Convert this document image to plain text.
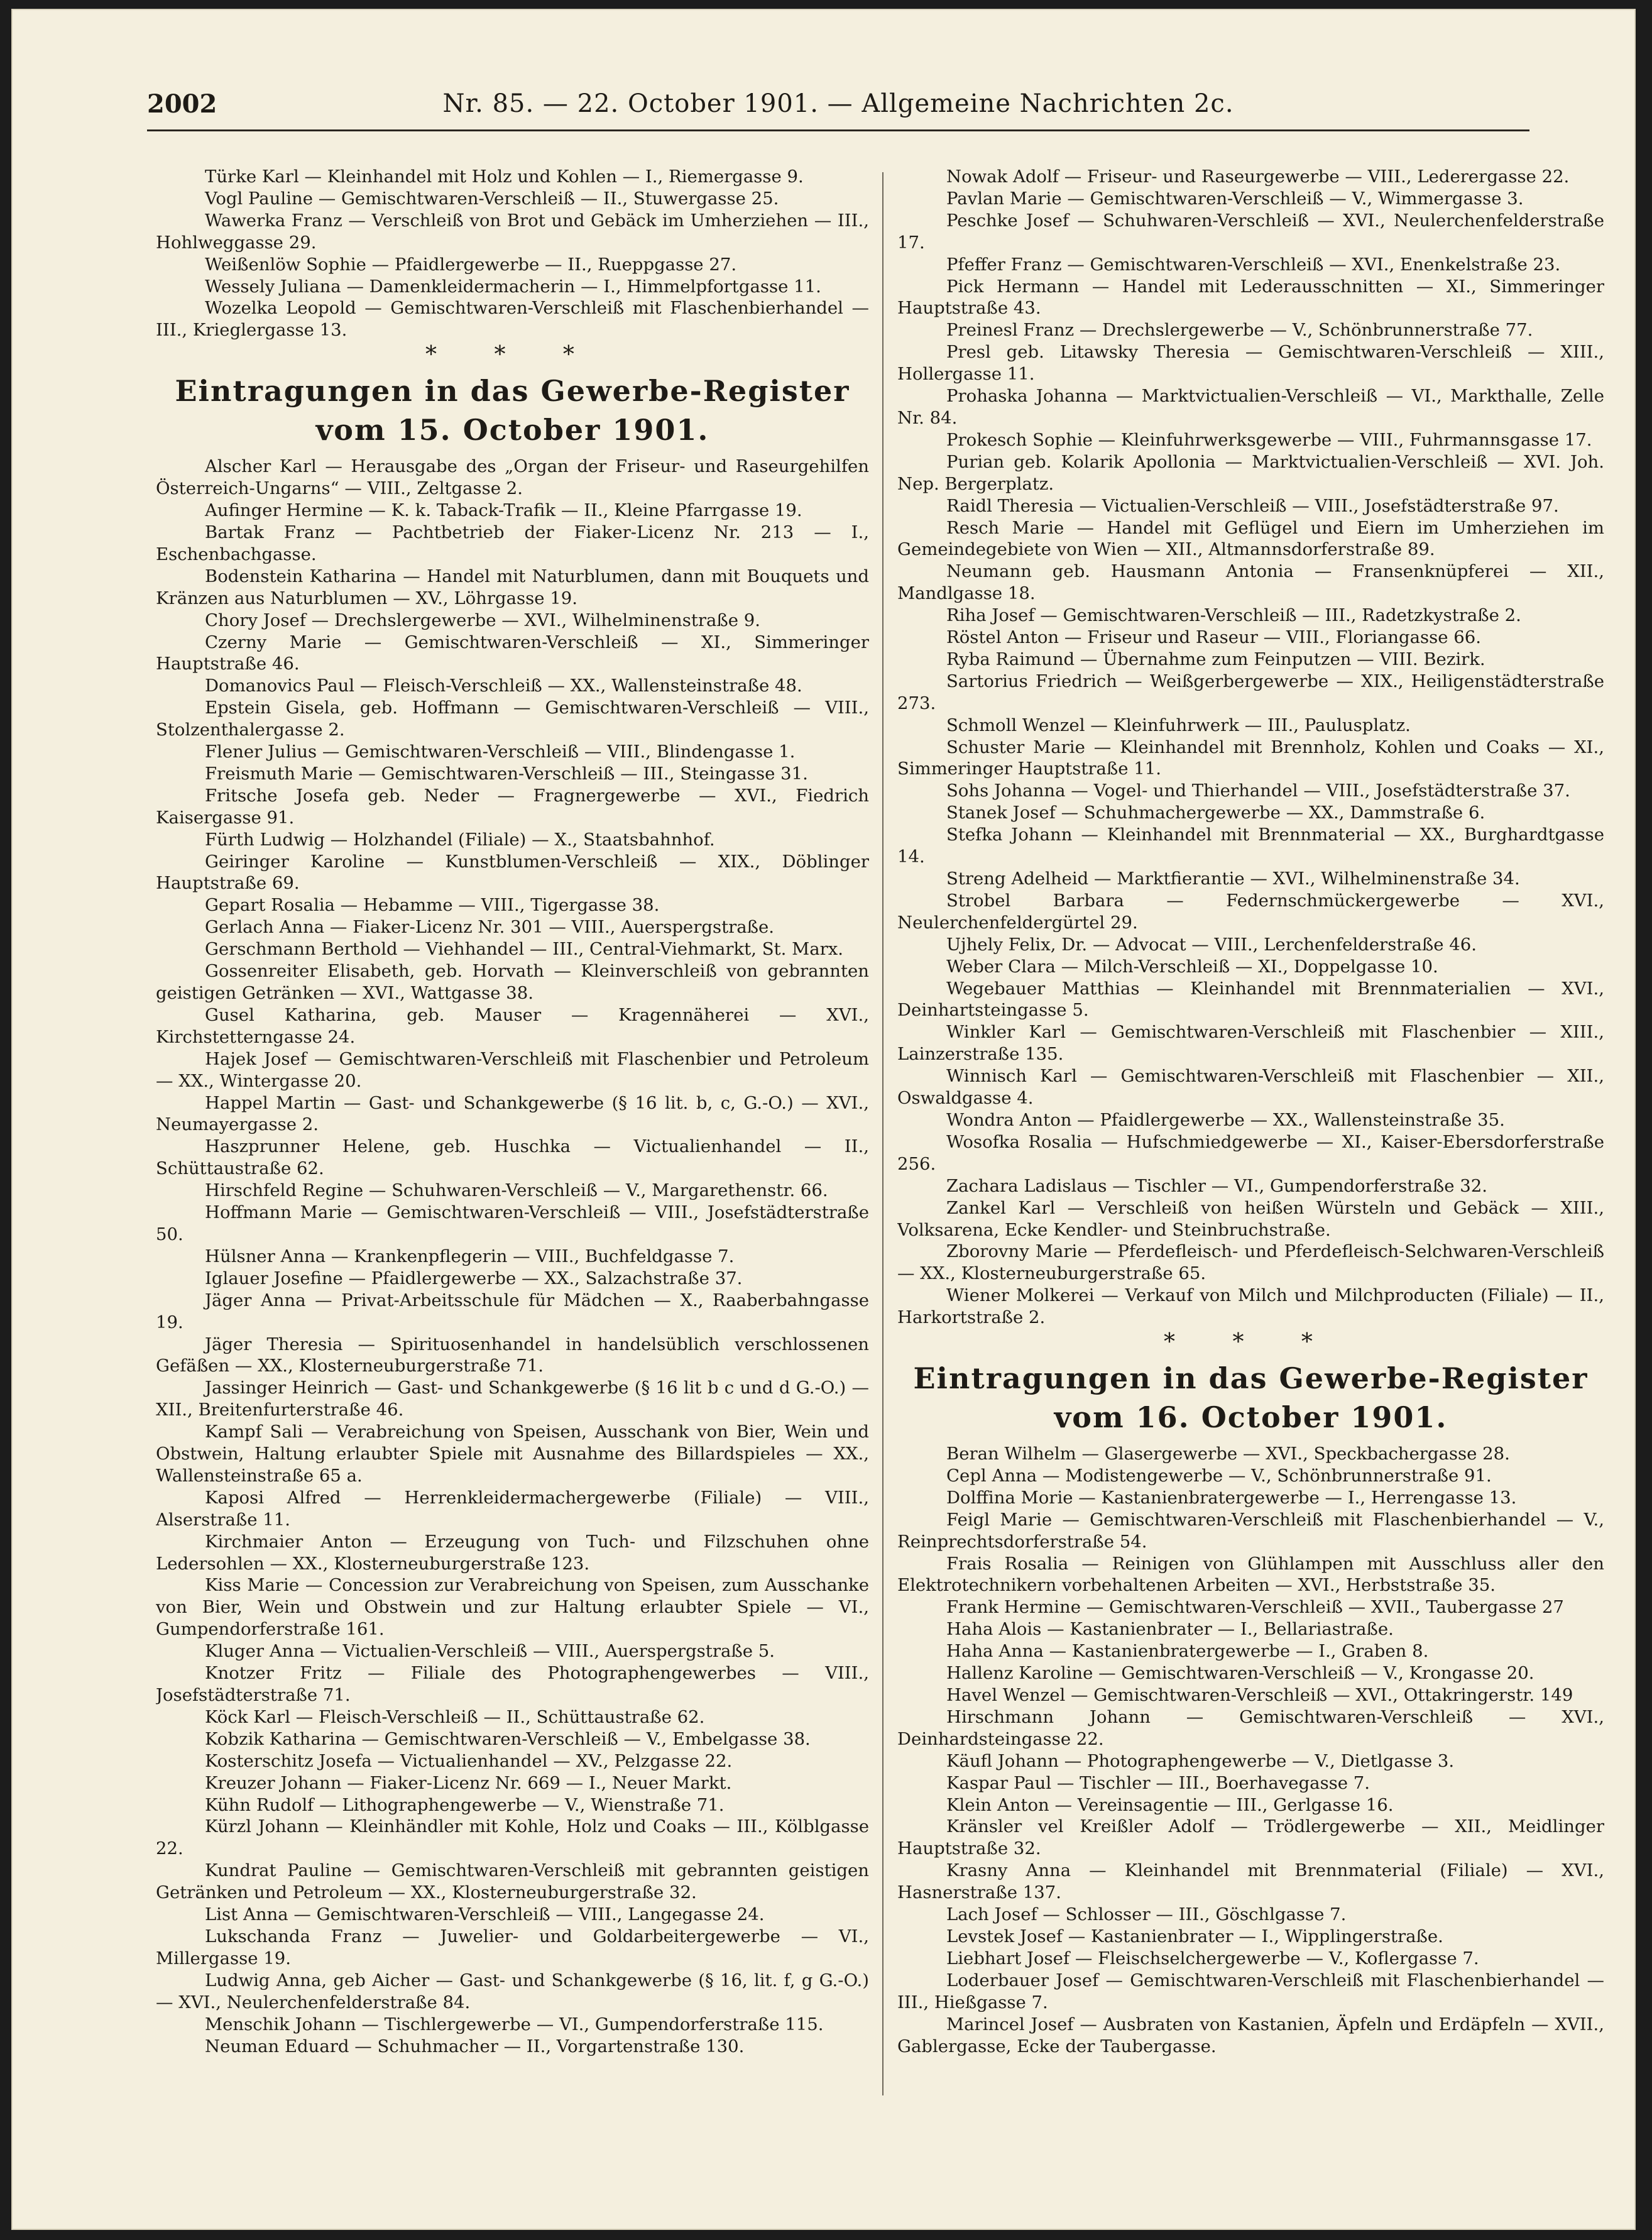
2002	Nr. 85. — 22. October 1901. — Allgemeine Nachrichten 2c.

Türke Karl — Kleinhandel mit Holz und Kohlen — I., Riemergasse 9.

Vogl Pauline — Gemischtwaren-Verschleiß — II., Stuwergasse 25.

Wawerka Franz — Verschleiß von Brot und Gebäck im Umherziehen — III., Hohlweggasse 29.

Weißenlöw Sophie — Pfaidlergewerbe — II., Rueppgasse 27.

Wessely Juliana — Damenkleidermacherin — I., Himmelpfortgasse 11.

Wozelka Leopold — Gemischtwaren-Verschleiß mit Flaschenbierhandel — III., Krieglergasse 13.

* * *

Eintragungen in das Gewerbe-Register
vom 15. October 1901.

Alscher Karl — Herausgabe des „Organ der Friseur- und Raseurgehilfen Österreich-Ungarns“ — VIII., Zeltgasse 2.

Aufinger Hermine — K. k. Taback-Trafik — II., Kleine Pfarrgasse 19.

Bartak Franz — Pachtbetrieb der Fiaker-Licenz Nr. 213 — I., Eschenbachgasse.

Bodenstein Katharina — Handel mit Naturblumen, dann mit Bouquets und Kränzen aus Naturblumen — XV., Löhrgasse 19.

Chory Josef — Drechslergewerbe — XVI., Wilhelminenstraße 9.

Czerny Marie — Gemischtwaren-Verschleiß — XI., Simmeringer Hauptstraße 46.

Domanovics Paul — Fleisch-Verschleiß — XX., Wallensteinstraße 48.

Epstein Gisela, geb. Hoffmann — Gemischtwaren-Verschleiß — VIII., Stolzenthalergasse 2.

Flener Julius — Gemischtwaren-Verschleiß — VIII., Blindengasse 1.

Freismuth Marie — Gemischtwaren-Verschleiß — III., Steingasse 31.

Fritsche Josefa geb. Neder — Fragnergewerbe — XVI., Fiedrich Kaisergasse 91.

Fürth Ludwig — Holzhandel (Filiale) — X., Staatsbahnhof.

Geiringer Karoline — Kunstblumen-Verschleiß — XIX., Döblinger Hauptstraße 69.

Gepart Rosalia — Hebamme — VIII., Tigergasse 38.

Gerlach Anna — Fiaker-Licenz Nr. 301 — VIII., Auerspergstraße.

Gerschmann Berthold — Viehhandel — III., Central-Viehmarkt, St. Marx.

Gossenreiter Elisabeth, geb. Horvath — Kleinverschleiß von gebrannten geistigen Getränken — XVI., Wattgasse 38.

Gusel Katharina, geb. Mauser — Kragennäherei — XVI., Kirchstetterngasse 24.

Hajek Josef — Gemischtwaren-Verschleiß mit Flaschenbier und Petroleum — XX., Wintergasse 20.

Happel Martin — Gast- und Schankgewerbe (§ 16 lit. b, c, G.-O.) — XVI., Neumayergasse 2.

Haszprunner Helene, geb. Huschka — Victualienhandel — II., Schüttaustraße 62.

Hirschfeld Regine — Schuhwaren-Verschleiß — V., Margarethenstr. 66.

Hoffmann Marie — Gemischtwaren-Verschleiß — VIII., Josefstädterstraße 50.

Hülsner Anna — Krankenpflegerin — VIII., Buchfeldgasse 7.

Iglauer Josefine — Pfaidlergewerbe — XX., Salzachstraße 37.

Jäger Anna — Privat-Arbeitsschule für Mädchen — X., Raaberbahngasse 19.

Jäger Theresia — Spirituosenhandel in handelsüblich verschlossenen Gefäßen — XX., Klosterneuburgerstraße 71.

Jassinger Heinrich — Gast- und Schankgewerbe (§ 16 lit b c und d G.-O.) — XII., Breitenfurterstraße 46.

Kampf Sali — Verabreichung von Speisen, Ausschank von Bier, Wein und Obstwein, Haltung erlaubter Spiele mit Ausnahme des Billardspieles — XX., Wallensteinstraße 65 a.

Kaposi Alfred — Herrenkleidermachergewerbe (Filiale) — VIII., Alserstraße 11.

Kirchmaier Anton — Erzeugung von Tuch- und Filzschuhen ohne Ledersohlen — XX., Klosterneuburgerstraße 123.

Kiss Marie — Concession zur Verabreichung von Speisen, zum Ausschanke von Bier, Wein und Obstwein und zur Haltung erlaubter Spiele — VI., Gumpendorferstraße 161.

Kluger Anna — Victualien-Verschleiß — VIII., Auerspergstraße 5.

Knotzer Fritz — Filiale des Photographengewerbes — VIII., Josefstädterstraße 71.

Köck Karl — Fleisch-Verschleiß — II., Schüttaustraße 62.

Kobzik Katharina — Gemischtwaren-Verschleiß — V., Embelgasse 38.

Kosterschitz Josefa — Victualienhandel — XV., Pelzgasse 22.

Kreuzer Johann — Fiaker-Licenz Nr. 669 — I., Neuer Markt.

Kühn Rudolf — Lithographengewerbe — V., Wienstraße 71.

Kürzl Johann — Kleinhändler mit Kohle, Holz und Coaks — III., Kölblgasse 22.

Kundrat Pauline — Gemischtwaren-Verschleiß mit gebrannten geistigen Getränken und Petroleum — XX., Klosterneuburgerstraße 32.

List Anna — Gemischtwaren-Verschleiß — VIII., Langegasse 24.

Lukschanda Franz — Juwelier- und Goldarbeitergewerbe — VI., Millergasse 19.

Ludwig Anna, geb Aicher — Gast- und Schankgewerbe (§ 16, lit. f, g G.-O.) — XVI., Neulerchenfelderstraße 84.

Menschik Johann — Tischlergewerbe — VI., Gumpendorferstraße 115.

Neuman Eduard — Schuhmacher — II., Vorgartenstraße 130.

Nowak Adolf — Friseur- und Raseurgewerbe — VIII., Lederergasse 22.

Pavlan Marie — Gemischtwaren-Verschleiß — V., Wimmergasse 3.

Peschke Josef — Schuhwaren-Verschleiß — XVI., Neulerchenfelderstraße 17.

Pfeffer Franz — Gemischtwaren-Verschleiß — XVI., Enenkelstraße 23.

Pick Hermann — Handel mit Lederausschnitten — XI., Simmeringer Hauptstraße 43.

Preinesl Franz — Drechslergewerbe — V., Schönbrunnerstraße 77.

Presl geb. Litawsky Theresia — Gemischtwaren-Verschleiß — XIII., Hollergasse 11.

Prohaska Johanna — Marktvictualien-Verschleiß — VI., Markthalle, Zelle Nr. 84.

Prokesch Sophie — Kleinfuhrwerksgewerbe — VIII., Fuhrmannsgasse 17.

Purian geb. Kolarik Apollonia — Marktvictualien-Verschleiß — XVI. Joh. Nep. Bergerplatz.

Raidl Theresia — Victualien-Verschleiß — VIII., Josefstädterstraße 97.

Resch Marie — Handel mit Geflügel und Eiern im Umherziehen im Gemeindegebiete von Wien — XII., Altmannsdorferstraße 89.

Neumann geb. Hausmann Antonia — Fransenknüpferei — XII., Mandlgasse 18.

Riha Josef — Gemischtwaren-Verschleiß — III., Radetzkystraße 2.

Röstel Anton — Friseur und Raseur — VIII., Floriangasse 66.

Ryba Raimund — Übernahme zum Feinputzen — VIII. Bezirk.

Sartorius Friedrich — Weißgerbergewerbe — XIX., Heiligenstädterstraße 273.

Schmoll Wenzel — Kleinfuhrwerk — III., Paulusplatz.

Schuster Marie — Kleinhandel mit Brennholz, Kohlen und Coaks — XI., Simmeringer Hauptstraße 11.

Sohs Johanna — Vogel- und Thierhandel — VIII., Josefstädterstraße 37.

Stanek Josef — Schuhmachergewerbe — XX., Dammstraße 6.

Stefka Johann — Kleinhandel mit Brennmaterial — XX., Burghardtgasse 14.

Streng Adelheid — Marktfierantie — XVI., Wilhelminenstraße 34.

Strobel Barbara — Federnschmückergewerbe — XVI., Neulerchenfeldergürtel 29.

Ujhely Felix, Dr. — Advocat — VIII., Lerchenfelderstraße 46.

Weber Clara — Milch-Verschleiß — XI., Doppelgasse 10.

Wegebauer Matthias — Kleinhandel mit Brennmaterialien — XVI., Deinhartsteingasse 5.

Winkler Karl — Gemischtwaren-Verschleiß mit Flaschenbier — XIII., Lainzerstraße 135.

Winnisch Karl — Gemischtwaren-Verschleiß mit Flaschenbier — XII., Oswaldgasse 4.

Wondra Anton — Pfaidlergewerbe — XX., Wallensteinstraße 35.

Wosofka Rosalia — Hufschmiedgewerbe — XI., Kaiser-Ebersdorferstraße 256.

Zachara Ladislaus — Tischler — VI., Gumpendorferstraße 32.

Zankel Karl — Verschleiß von heißen Würsteln und Gebäck — XIII., Volksarena, Ecke Kendler- und Steinbruchstraße.

Zborovny Marie — Pferdefleisch- und Pferdefleisch-Selchwaren-Verschleiß — XX., Klosterneuburgerstraße 65.

Wiener Molkerei — Verkauf von Milch und Milchproducten (Filiale) — II., Harkortstraße 2.

* * *

Eintragungen in das Gewerbe-Register
vom 16. October 1901.

Beran Wilhelm — Glasergewerbe — XVI., Speckbachergasse 28.

Cepl Anna — Modistengewerbe — V., Schönbrunnerstraße 91.

Dolffina Morie — Kastanienbratergewerbe — I., Herrengasse 13.

Feigl Marie — Gemischtwaren-Verschleiß mit Flaschenbierhandel — V., Reinprechtsdorferstraße 54.

Frais Rosalia — Reinigen von Glühlampen mit Ausschluss aller den Elektrotechnikern vorbehaltenen Arbeiten — XVI., Herbststraße 35.

Frank Hermine — Gemischtwaren-Verschleiß — XVII., Taubergasse 27

Haha Alois — Kastanienbrater — I., Bellariastraße.

Haha Anna — Kastanienbratergewerbe — I., Graben 8.

Hallenz Karoline — Gemischtwaren-Verschleiß — V., Krongasse 20.

Havel Wenzel — Gemischtwaren-Verschleiß — XVI., Ottakringerstr. 149

Hirschmann Johann — Gemischtwaren-Verschleiß — XVI., Deinhardsteingasse 22.

Käufl Johann — Photographengewerbe — V., Dietlgasse 3.

Kaspar Paul — Tischler — III., Boerhavegasse 7.

Klein Anton — Vereinsagentie — III., Gerlgasse 16.

Kränsler vel Kreißler Adolf — Trödlergewerbe — XII., Meidlinger Hauptstraße 32.

Krasny Anna — Kleinhandel mit Brennmaterial (Filiale) — XVI., Hasnerstraße 137.

Lach Josef — Schlosser — III., Göschlgasse 7.

Levstek Josef — Kastanienbrater — I., Wipplingerstraße.

Liebhart Josef — Fleischselchergewerbe — V., Koflergasse 7.

Loderbauer Josef — Gemischtwaren-Verschleiß mit Flaschenbierhandel — III., Hießgasse 7.

Marincel Josef — Ausbraten von Kastanien, Äpfeln und Erdäpfeln — XVII., Gablergasse, Ecke der Taubergasse.
